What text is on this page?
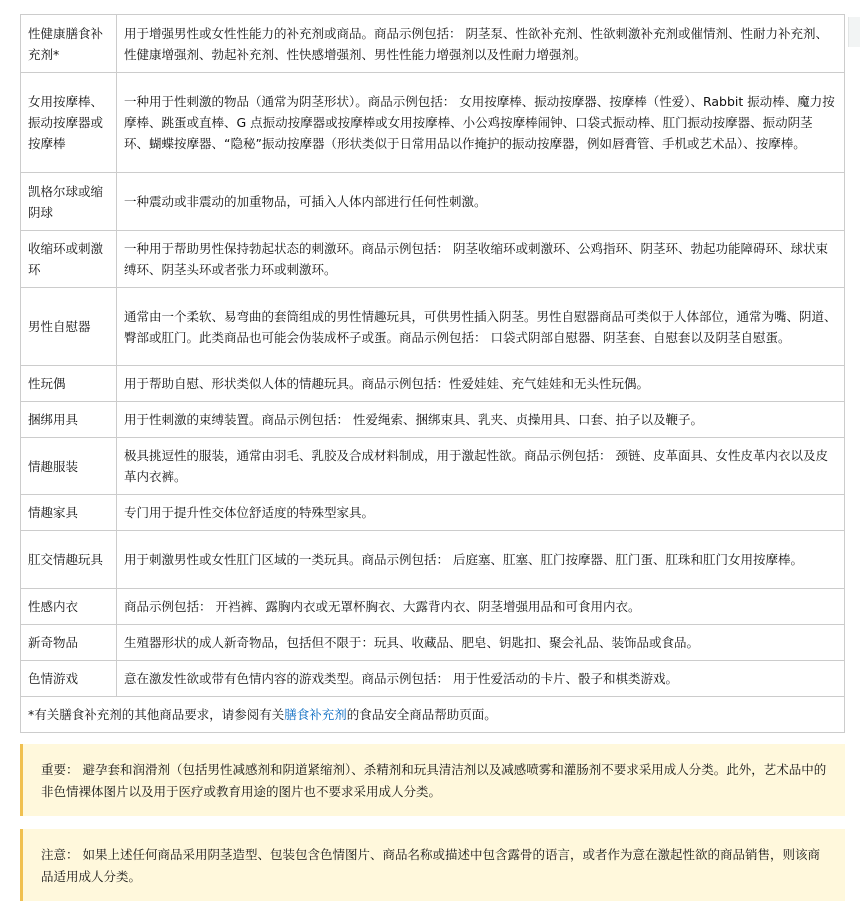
性健康膳食补充剂*	用于增强男性或女性性能力的补充剂或商品。商品示例包括： 阴茎泵、性欲补充剂、性欲刺激补充剂或催情剂、性耐力补充剂、性健康增强剂、勃起补充剂、性快感增强剂、男性性能力增强剂以及性耐力增强剂。
女用按摩棒、振动按摩器或按摩棒	一种用于性刺激的物品（通常为阴茎形状）。商品示例包括： 女用按摩棒、振动按摩器、按摩棒（性爱）、Rabbit 振动棒、魔力按摩棒、跳蛋或直棒、G 点振动按摩器或按摩棒或女用按摩棒、小公鸡按摩棒闹钟、口袋式振动棒、肛门振动按摩器、振动阴茎环、蝴蝶按摩器、“隐秘”振动按摩器（形状类似于日常用品以作掩护的振动按摩器，例如唇膏管、手机或艺术品）、按摩棒。
凯格尔球或缩阴球	一种震动或非震动的加重物品，可插入人体内部进行任何性刺激。
收缩环或刺激环	一种用于帮助男性保持勃起状态的刺激环。商品示例包括： 阴茎收缩环或刺激环、公鸡指环、阴茎环、勃起功能障碍环、球状束缚环、阴茎头环或者张力环或刺激环。
男性自慰器	通常由一个柔软、易弯曲的套筒组成的男性情趣玩具，可供男性插入阴茎。男性自慰器商品可类似于人体部位，通常为嘴、阴道、臀部或肛门。此类商品也可能会伪装成杯子或蛋。商品示例包括： 口袋式阴部自慰器、阴茎套、自慰套以及阴茎自慰蛋。
性玩偶	用于帮助自慰、形状类似人体的情趣玩具。商品示例包括：性爱娃娃、充气娃娃和无头性玩偶。
捆绑用具	用于性刺激的束缚装置。商品示例包括： 性爱绳索、捆绑束具、乳夹、贞操用具、口套、拍子以及鞭子。
情趣服装	极具挑逗性的服装，通常由羽毛、乳胶及合成材料制成，用于激起性欲。商品示例包括： 颈链、皮革面具、女性皮革内衣以及皮革内衣裤。
情趣家具	专门用于提升性交体位舒适度的特殊型家具。
肛交情趣玩具	用于刺激男性或女性肛门区域的一类玩具。商品示例包括： 后庭塞、肛塞、肛门按摩器、肛门蛋、肛珠和肛门女用按摩棒。
性感内衣	商品示例包括： 开裆裤、露胸内衣或无罩杯胸衣、大露背内衣、阴茎增强用品和可食用内衣。
新奇物品	生殖器形状的成人新奇物品，包括但不限于：玩具、收藏品、肥皂、钥匙扣、聚会礼品、装饰品或食品。
色情游戏	意在激发性欲或带有色情内容的游戏类型。商品示例包括： 用于性爱活动的卡片、骰子和棋类游戏。
*有关膳食补充剂的其他商品要求，请参阅有关膳食补充剂的食品安全商品帮助页面。	
重要： 避孕套和润滑剂（包括男性减感剂和阴道紧缩剂）、杀精剂和玩具清洁剂以及减感喷雾和灌肠剂不要求采用成人分类。此外，艺术品中的非色情裸体图片以及用于医疗或教育用途的图片也不要求采用成人分类。
注意： 如果上述任何商品采用阴茎造型、包装包含色情图片、商品名称或描述中包含露骨的语言，或者作为意在激起性欲的商品销售，则该商品适用成人分类。
